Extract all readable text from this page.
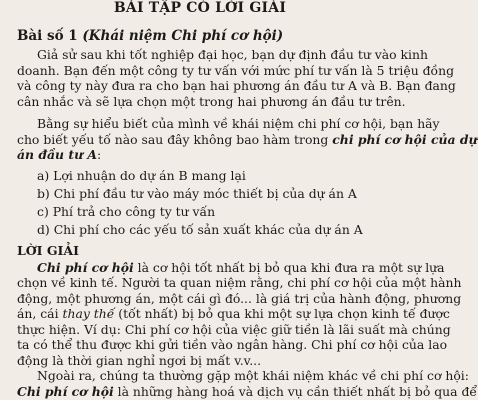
BÀI TẬP CÓ LỜI GIẢI
Bài số 1 (Khái niệm Chi phí cơ hội)
Giả sử sau khi tốt nghiệp đại học, bạn dự định đầu tư vào kinh
doanh. Bạn đến một công ty tư vấn với mức phí tư vấn là 5 triệu đồng
và công ty này đưa ra cho bạn hai phương án đầu tư A và B. Bạn đang
cân nhắc và sẽ lựa chọn một trong hai phương án đầu tư trên.
Bằng sự hiểu biết của mình về khái niệm chi phí cơ hội, bạn hãy
cho biết yếu tố nào sau đây không bao hàm trong chi phí cơ hội của dự
án đầu tư A:
a) Lợi nhuận do dự án B mang lại
b) Chi phí đầu tư vào máy móc thiết bị của dự án A
c) Phí trả cho công ty tư vấn
d) Chi phí cho các yếu tố sản xuất khác của dự án A
LỜI GIẢI
Chi phí cơ hội là cơ hội tốt nhất bị bỏ qua khi đưa ra một sự lựa
chọn về kinh tế. Người ta quan niệm rằng, chi phí cơ hội của một hành
động, một phương án, một cái gì đó... là giá trị của hành động, phương
án, cái thay thế (tốt nhất) bị bỏ qua khi một sự lựa chọn kinh tế được
thực hiện. Ví dụ: Chi phí cơ hội của việc giữ tiền là lãi suất mà chúng
ta có thể thu được khi gửi tiền vào ngân hàng. Chi phí cơ hội của lao
động là thời gian nghỉ ngơi bị mất v.v...
Ngoài ra, chúng ta thường gặp một khái niệm khác về chi phí cơ hội:
Chi phí cơ hội là những hàng hoá và dịch vụ cần thiết nhất bị bỏ qua để
